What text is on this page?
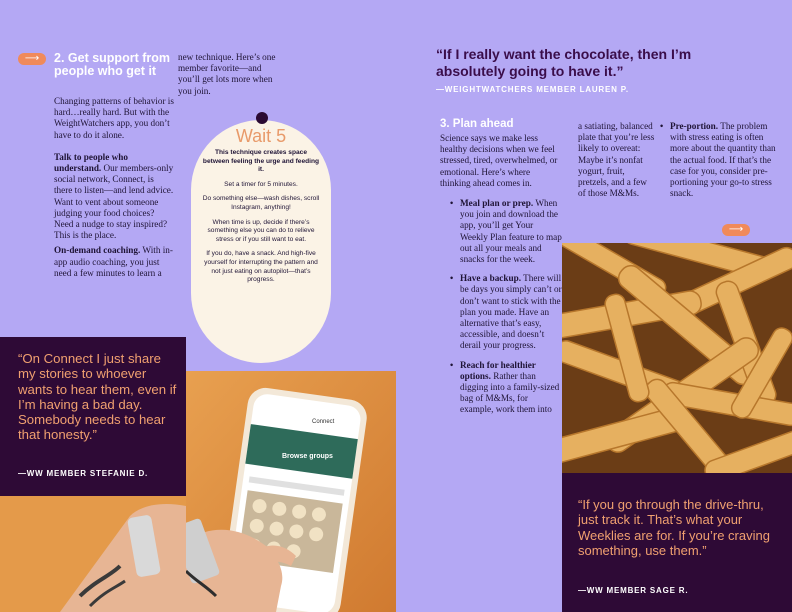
⟶	2. Get support from people who get it

Changing patterns of behavior is hard…really hard. But with the WeightWatchers app, you don’t have to do it alone.

Talk to people who understand. Our members-only social network, Connect, is there to listen—and lend advice. Want to vent about someone judging your food choices? Need a nudge to stay inspired? This is the place.

On-demand coaching. With in-app audio coaching, you just need a few minutes to learn a

new technique. Here’s one member favorite—and you’ll get lots more when you join.
Wait 5
This technique creates space between feeling the urge and feeding it.
Set a timer for 5 minutes.
Do something else—wash dishes, scroll Instagram, anything!
When time is up, decide if there’s something else you can do to relieve stress or if you still want to eat.
If you do, have a snack. And high-five yourself for interrupting the pattern and not just eating on autopilot—that’s progress.
“On Connect I just share my stories to whoever wants to hear them, even if I’m having a bad day. Somebody needs to hear that honesty.”
—WW MEMBER STEFANIE D.
Connect
Browse groups
“If I really want the chocolate, then I’m absolutely going to have it.”
—WEIGHTWATCHERS MEMBER LAUREN P.
3. Plan ahead

Science says we make less healthy decisions when we feel stressed, tired, overwhelmed, or emotional. Here’s where thinking ahead comes in.

• Meal plan or prep. When you join and download the app, you’ll get Your Weekly Plan feature to map out all your meals and snacks for the week.
• Have a backup. There will be days you simply can’t or don’t want to stick with the plan you made. Have an alternative that’s easy, accessible, and doesn’t derail your progress.
• Reach for healthier options. Rather than digging into a family-sized bag of M&Ms, for example, work them into
a satiating, balanced plate that you’re less likely to overeat: Maybe it’s nonfat yogurt, fruit, pretzels, and a few of those M&Ms.
• Pre-portion. The problem with stress eating is often more about the quantity than the actual food. If that’s the case for you, consider pre-portioning your go-to stress snack.
⟶
“If you go through the drive-thru, just track it. That’s what your Weeklies are for. If you’re craving something, use them.”
—WW MEMBER SAGE R.
